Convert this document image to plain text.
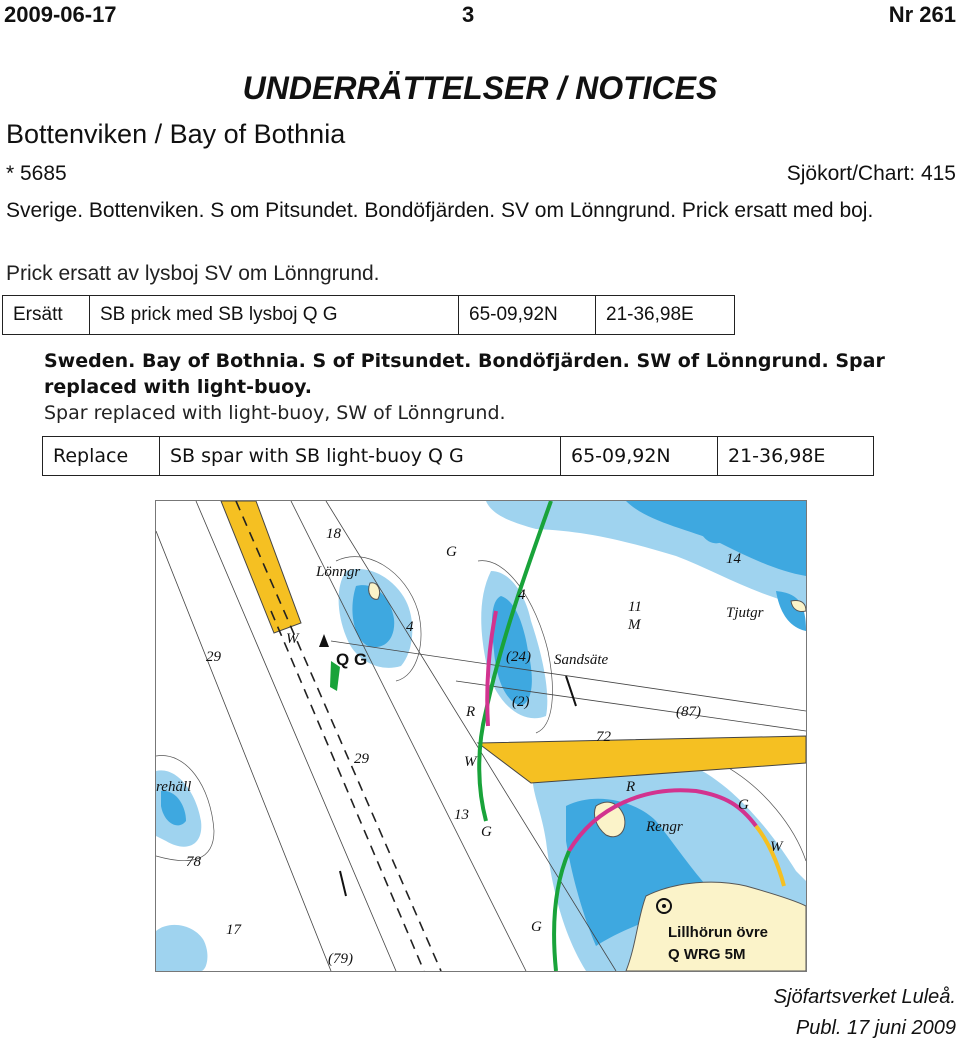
2009-06-17	3	Nr 261
UNDERRÄTTELSER / NOTICES
Bottenviken / Bay of Bothnia
* 5685	Sjökort/Chart: 415
Sverige. Bottenviken. S om Pitsundet. Bondöfjärden. SV om Lönngrund. Prick ersatt med boj.
Prick ersatt av lysboj SV om Lönngrund.
Ersätt	SB prick med SB lysboj Q G	65-09,92N	21-36,98E
Sweden. Bay of Bothnia. S of Pitsundet. Bondöfjärden. SW of Lönngrund. Spar replaced with light-buoy.
Spar replaced with light-buoy, SW of Lönngrund.
Replace	SB spar with SB light-buoy Q G	65-09,92N	21-36,98E
18
Lönngr
4
29
4
11
M
Tjutgr
14
Sandsäte
(24)
(2)
(87)
72
29
rehäll
13
Rengr
78
17
(79)
G
R
W
G
R
G
W
G
W
Q G
Lillhörun övre
Q WRG 5M
Sjöfartsverket Luleå.
Publ. 17 juni 2009
